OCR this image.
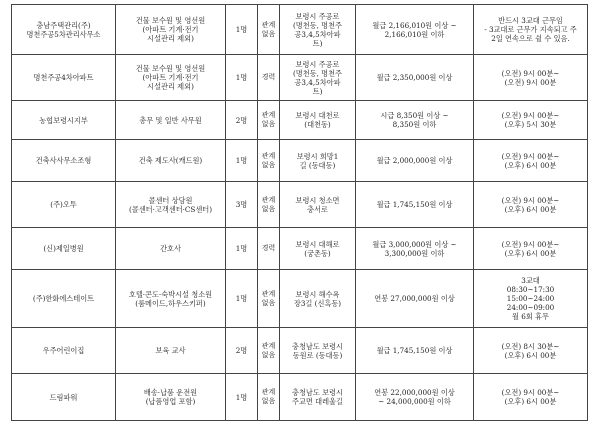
충남주택관리(주)
명천주공5차관리사무소	건물 보수원 및 영선원
(아파트 기계·전기
시설관리 제외)	1명	관계
없음	보령시 주공로
(명천동, 명천주
공3,4,5차아파
트)	월급 2,166,010원 이상 ~
2,166,010원 이하	반드시 3교대 근무임
- 3교대로 근무가 지속되고 주
2일 연속으로 쉴 수 있음.
명천주공4차아파트	건물 보수원 및 영선원
(아파트 기계·전기
시설관리 제외)	1명	경력	보령시 주공로
(명천동, 명천주
공3,4,5차아파
트)	월급 2,350,000원 이상	(오전) 9시 00분~
(오전) 9시 00분
농협보령시지부	총무 및 일반 사무원	2명	관계
없음	보령시 대천로
(대천동)	시급 8,350원 이상 ~
8,350원 이하	(오전) 9시 00분~
(오후) 5시 30분
건축사사무소조형	건축 제도사(캐드원)	1명	관계
없음	보령시 희망1
길 (동대동)	월급 2,000,000원 이상	(오전) 9시 00분~
(오후) 6시 00분
(주)오투	콜센터 상담원
(콜센터·고객센터·CS센터)	3명	관계
없음	보령시 청소면
충서로	월급 1,745,150원 이상	(오전) 9시 00분~
(오후) 6시 00분
(신)제일병원	간호사	1명	경력	보령시 대해로
(궁촌동)	월급 3,000,000원 이상 ~
3,300,000원 이하	(오전) 9시 00분~
(오후) 6시 00분
(주)한화에스테이트	호텔·콘도·숙박시설 청소원
(룸메이드,하우스키퍼)	1명	관계
없음	보령시 해수욕
장3길 (신흑동)	연봉 27,000,000원 이상	3교대
08:30~17:30
15:00~24:00
24:00~09:00
월 6회 휴무
우주어린이집	보육 교사	2명	관계
없음	충청남도 보령시
동원로 (동대동)	월급 1,745,150원 이상	(오전) 8시 30분~
(오후) 6시 00분
드림파워	배송·납품 운전원
(납품영업 포함)	1명	관계
없음	충청남도 보령시
주교면 대레울길	연봉 22,000,000원 이상
~ 24,000,000원 이하	(오전) 9시 00분~
(오후) 6시 00분
